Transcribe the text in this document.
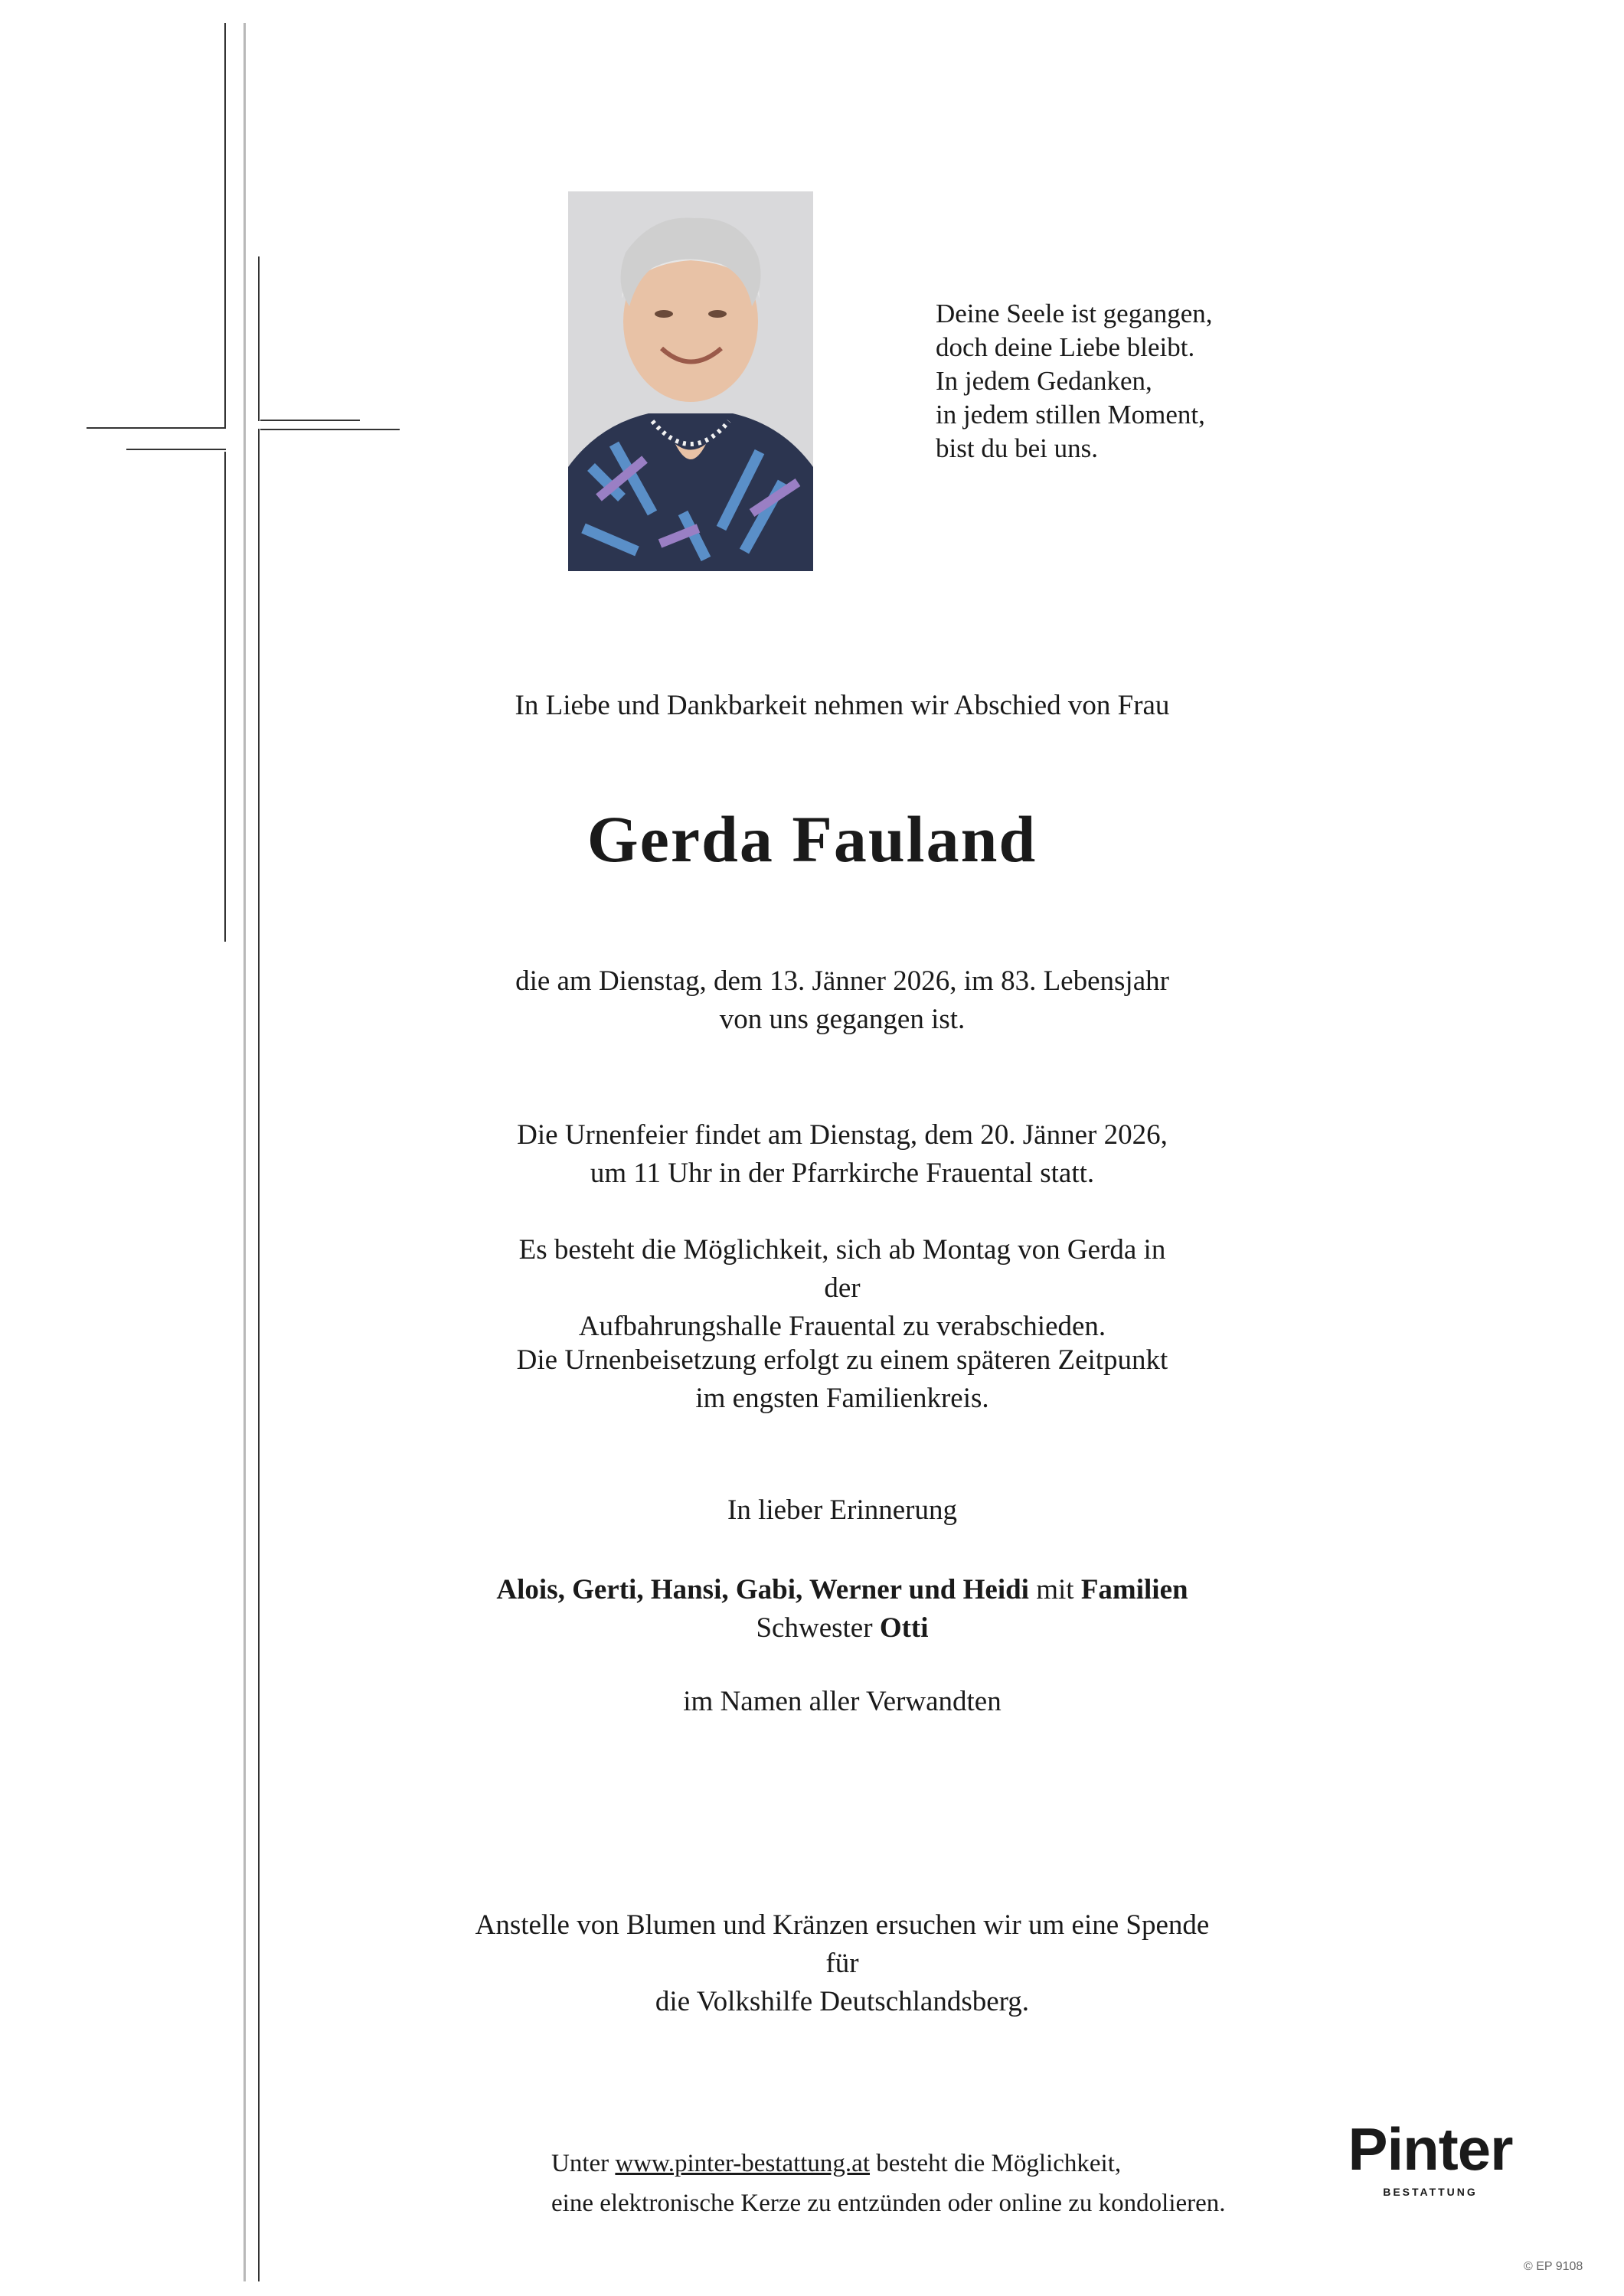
Deine Seele ist gegangen,
doch deine Liebe bleibt.
In jedem Gedanken,
in jedem stillen Moment,
bist du bei uns.
In Liebe und Dankbarkeit nehmen wir Abschied von Frau
Gerda Fauland
die am Dienstag, dem 13. Jänner 2026, im 83. Lebensjahr
von uns gegangen ist.
Die Urnenfeier findet am Dienstag, dem 20. Jänner 2026,
um 11 Uhr in der Pfarrkirche Frauental statt.
Es besteht die Möglichkeit, sich ab Montag von Gerda in der
Aufbahrungshalle Frauental zu verabschieden.
Die Urnenbeisetzung erfolgt zu einem späteren Zeitpunkt
im engsten Familienkreis.
In lieber Erinnerung
Alois, Gerti, Hansi, Gabi, Werner und Heidi mit Familien
Schwester Otti
im Namen aller Verwandten
Anstelle von Blumen und Kränzen ersuchen wir um eine Spende für
die Volkshilfe Deutschlandsberg.
Unter www.pinter-bestattung.at besteht die Möglichkeit,
eine elektronische Kerze zu entzünden oder online zu kondolieren.
Pinter
BESTATTUNG
© EP 9108
